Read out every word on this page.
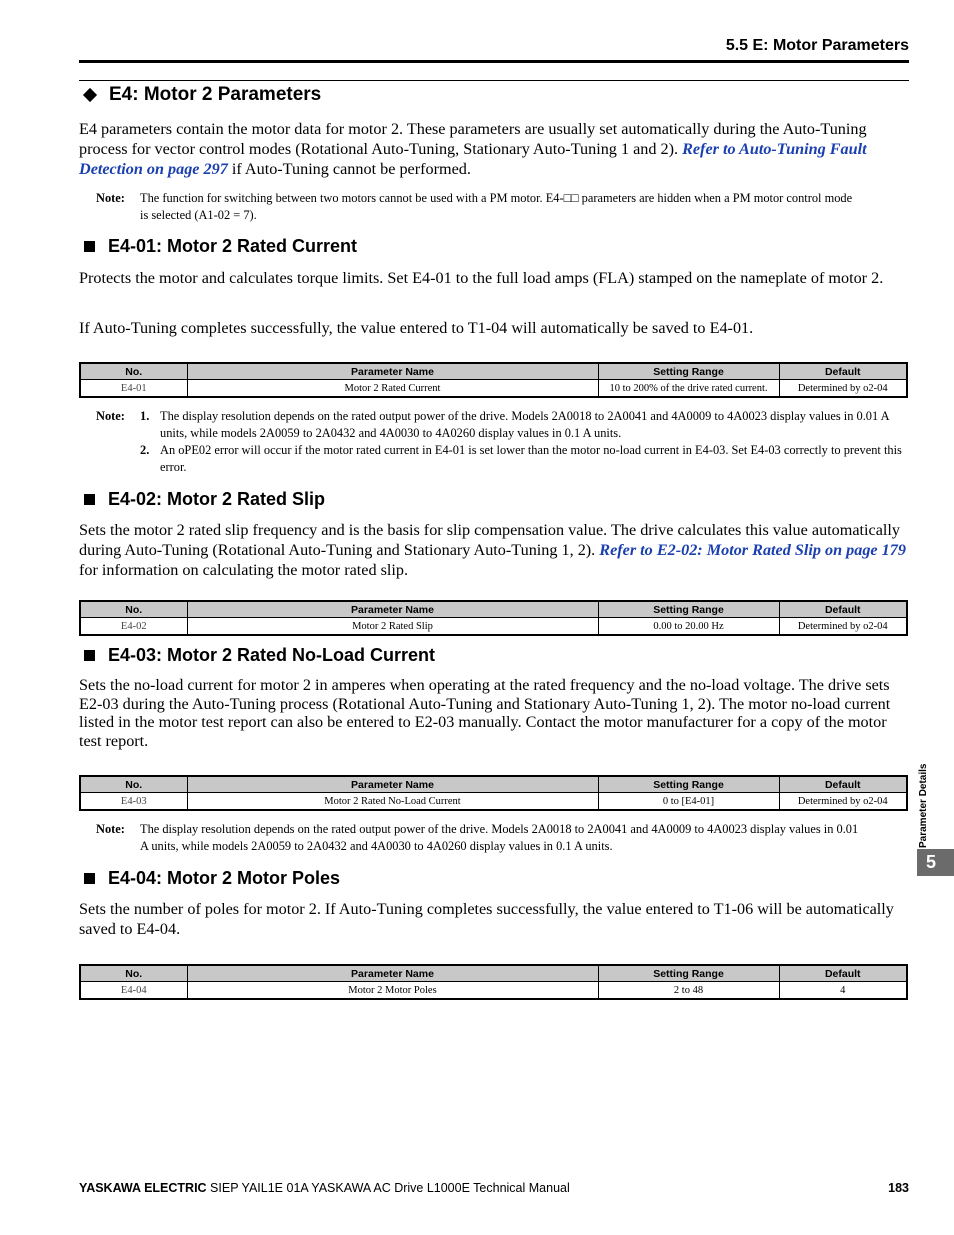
5.5 E: Motor Parameters
E4: Motor 2 Parameters
E4 parameters contain the motor data for motor 2. These parameters are usually set automatically during the Auto-Tuning process for vector control modes (Rotational Auto-Tuning, Stationary Auto-Tuning 1 and 2). Refer to Auto-Tuning Fault Detection on page 297 if Auto-Tuning cannot be performed.
Note: The function for switching between two motors cannot be used with a PM motor. E4-□□ parameters are hidden when a PM motor control mode is selected (A1-02 = 7).
E4-01: Motor 2 Rated Current
Protects the motor and calculates torque limits. Set E4-01 to the full load amps (FLA) stamped on the nameplate of motor 2.
If Auto-Tuning completes successfully, the value entered to T1-04 will automatically be saved to E4-01.
No.	Parameter Name	Setting Range	Default
E4-01	Motor 2 Rated Current	10 to 200% of the drive rated current.	Determined by o2-04
Note: 1. The display resolution depends on the rated output power of the drive. Models 2A0018 to 2A0041 and 4A0009 to 4A0023 display values in 0.01 A units, while models 2A0059 to 2A0432 and 4A0030 to 4A0260 display values in 0.1 A units.
2. An oPE02 error will occur if the motor rated current in E4-01 is set lower than the motor no-load current in E4-03. Set E4-03 correctly to prevent this error.
E4-02: Motor 2 Rated Slip
Sets the motor 2 rated slip frequency and is the basis for slip compensation value. The drive calculates this value automatically during Auto-Tuning (Rotational Auto-Tuning and Stationary Auto-Tuning 1, 2). Refer to E2-02: Motor Rated Slip on page 179 for information on calculating the motor rated slip.
No.	Parameter Name	Setting Range	Default
E4-02	Motor 2 Rated Slip	0.00 to 20.00 Hz	Determined by o2-04
E4-03: Motor 2 Rated No-Load Current
Sets the no-load current for motor 2 in amperes when operating at the rated frequency and the no-load voltage. The drive sets E2-03 during the Auto-Tuning process (Rotational Auto-Tuning and Stationary Auto-Tuning 1, 2). The motor no-load current listed in the motor test report can also be entered to E2-03 manually. Contact the motor manufacturer for a copy of the motor test report.
No.	Parameter Name	Setting Range	Default
E4-03	Motor 2 Rated No-Load Current	0 to [E4-01]	Determined by o2-04
Note: The display resolution depends on the rated output power of the drive. Models 2A0018 to 2A0041 and 4A0009 to 4A0023 display values in 0.01 A units, while models 2A0059 to 2A0432 and 4A0030 to 4A0260 display values in 0.1 A units.
E4-04: Motor 2 Motor Poles
Sets the number of poles for motor 2. If Auto-Tuning completes successfully, the value entered to T1-06 will be automatically saved to E4-04.
No.	Parameter Name	Setting Range	Default
E4-04	Motor 2 Motor Poles	2 to 48	4
Parameter Details
5
YASKAWA ELECTRIC SIEP YAIL1E 01A YASKAWA AC Drive L1000E Technical Manual	183
